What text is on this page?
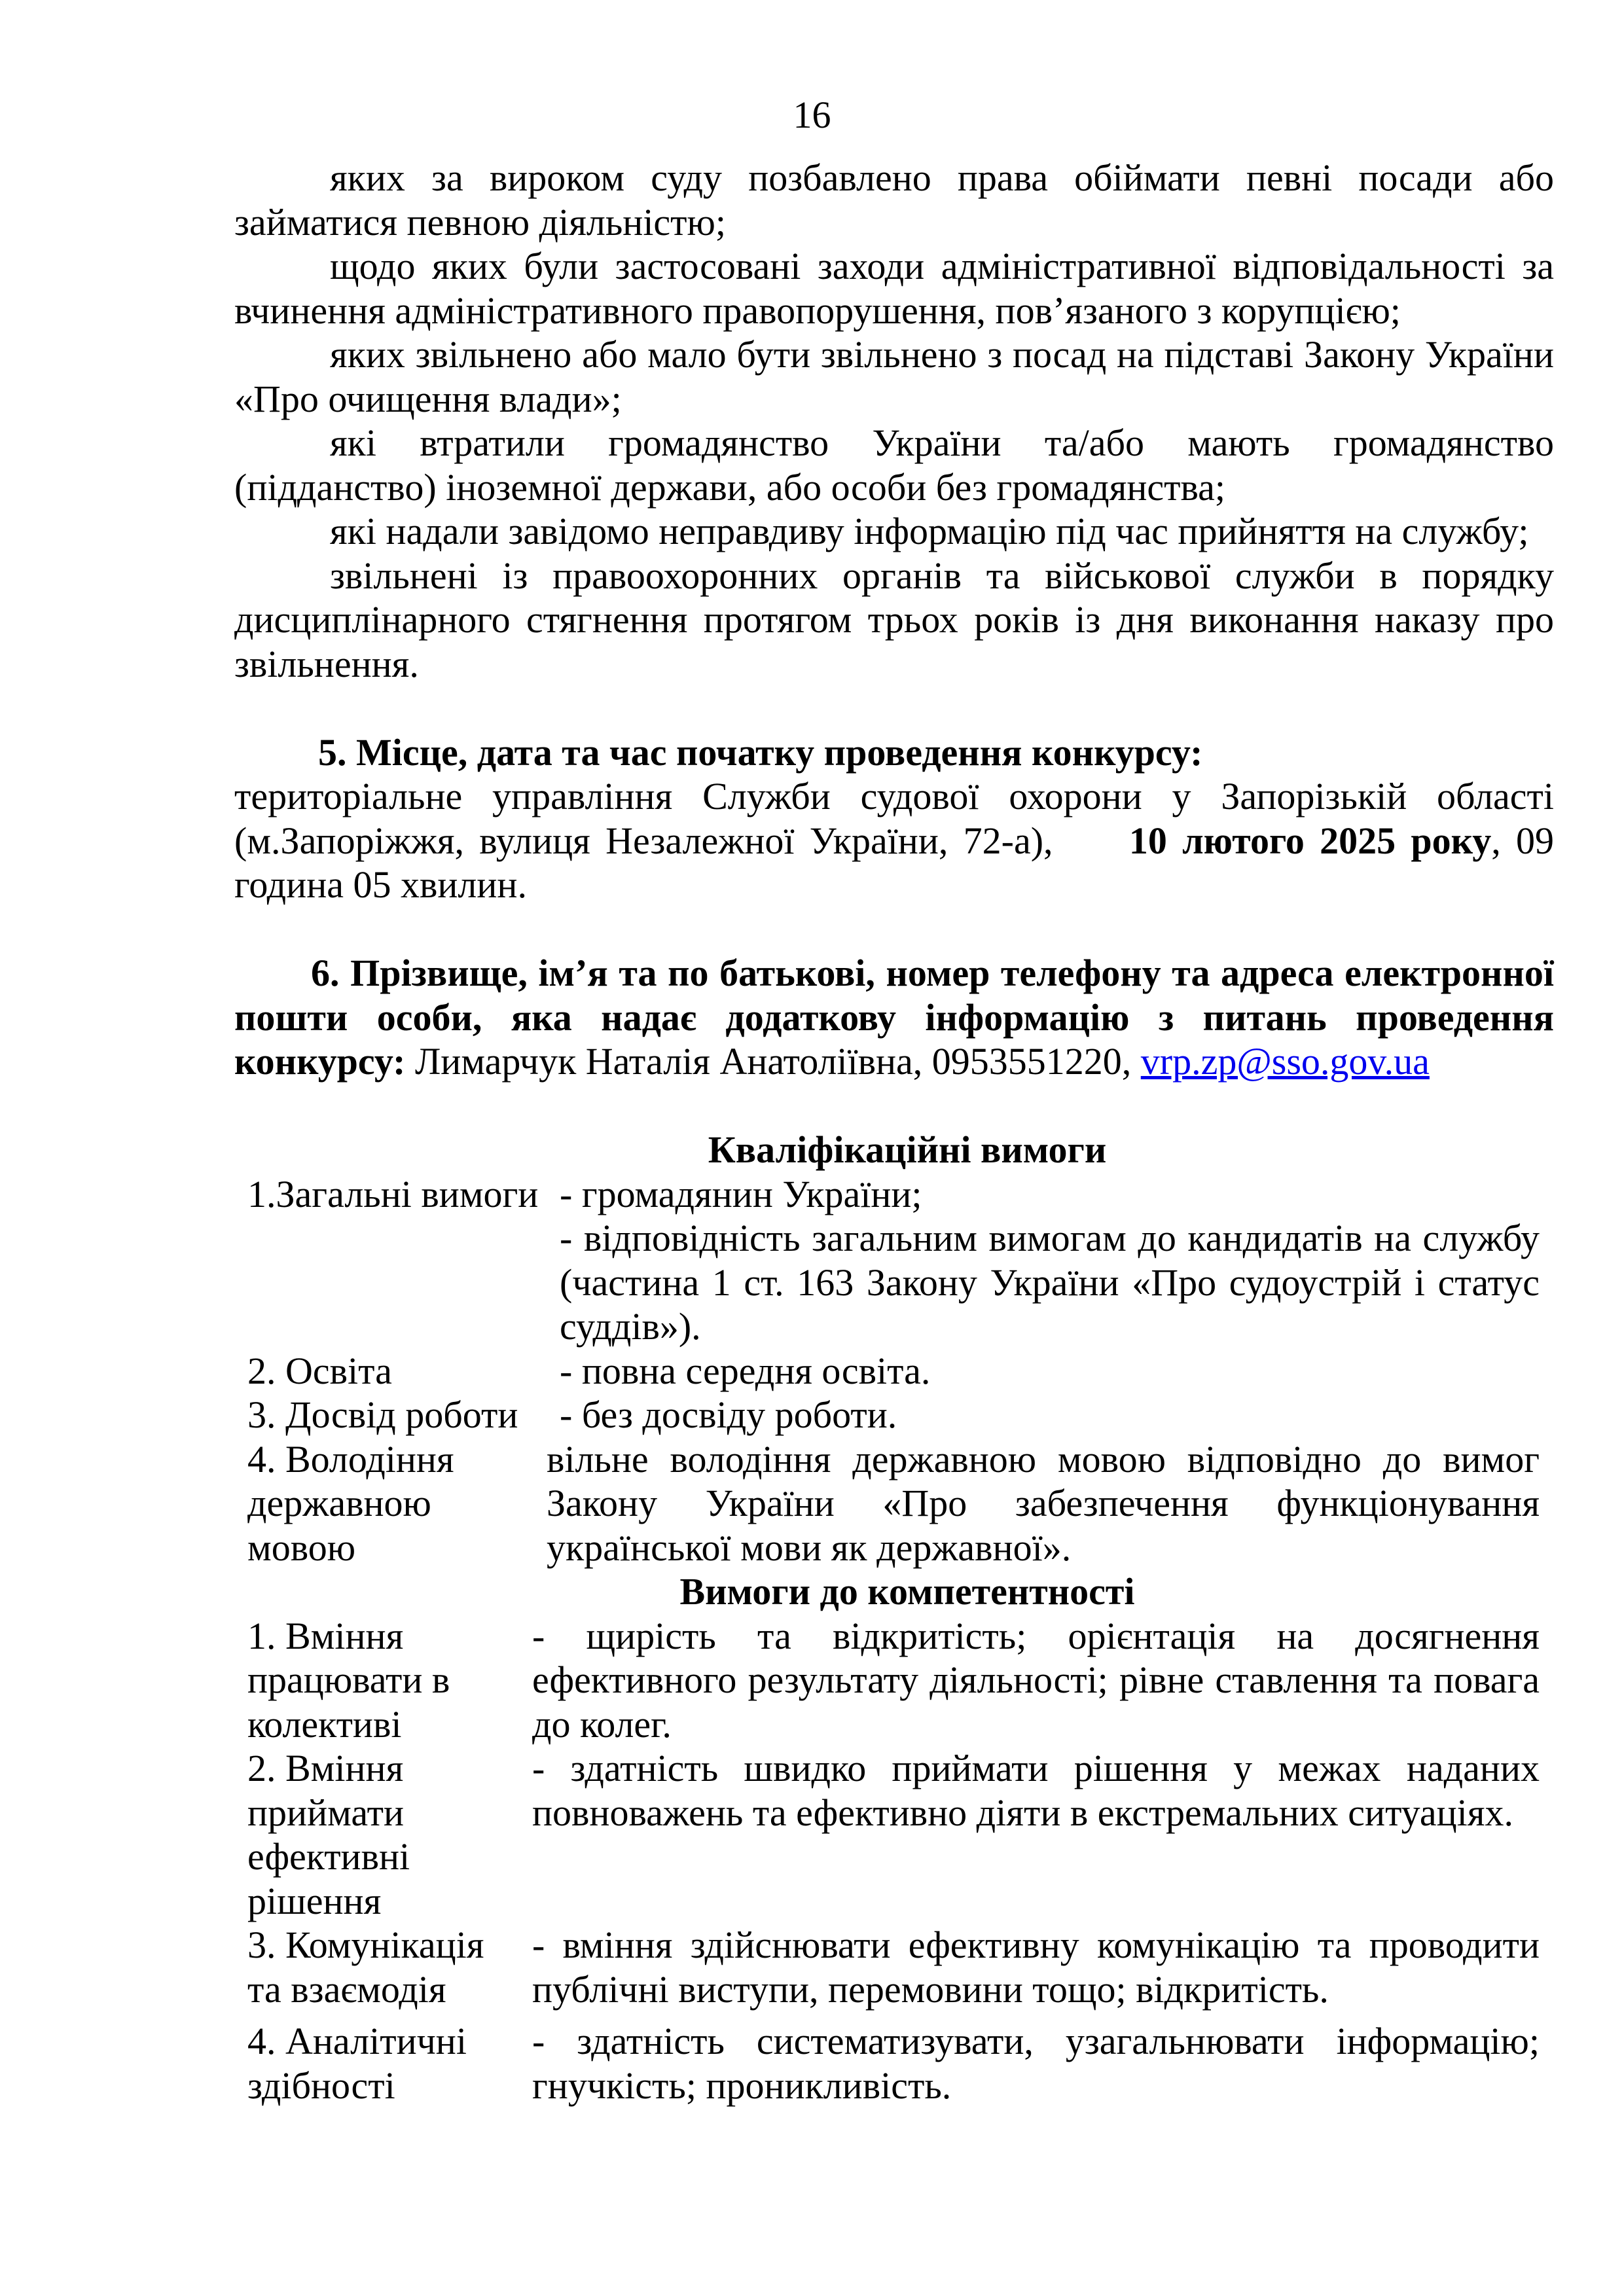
16

яких за вироком суду позбавлено права обіймати певні посади або займатися певною діяльністю;

щодо яких були застосовані заходи адміністративної відповідальності за вчинення адміністративного правопорушення, пов’язаного з корупцією;

яких звільнено або мало бути звільнено з посад на підставі Закону України «Про очищення влади»;

які втратили громадянство України та/або мають громадянство (підданство) іноземної держави, або особи без громадянства;

які надали завідомо неправдиву інформацію під час прийняття на службу;

звільнені із правоохоронних органів та військової служби в порядку дисциплінарного стягнення протягом трьох років із дня виконання наказу про звільнення.

5. Місце, дата та час початку проведення конкурсу:

територіальне управління Служби судової охорони у Запорізькій області (м.Запоріжжя, вулиця Незалежної України, 72-а), 10 лютого 2025 року, 09 година 05 хвилин.

6. Прізвище, ім’я та по батькові, номер телефону та адреса електронної пошти особи, яка надає додаткову інформацію з питань проведення конкурсу: Лимарчук Наталія Анатоліївна, 0953551220, vrp.zp@sso.gov.ua

Кваліфікаційні вимоги
1.Загальні вимоги - громадянин України;
- відповідність загальним вимогам до кандидатів на службу (частина 1 ст. 163 Закону України «Про судоустрій і статус суддів»).
2. Освіта	- повна середня освіта.
3. Досвід роботи	- без досвіду роботи.
4. Володіння державною мовою
вільне володіння державною мовою відповідно до вимог Закону України «Про забезпечення функціонування української мови як державної».
Вимоги до компетентності
1. Вміння працювати в колективі
- щирість та відкритість; орієнтація на досягнення ефективного результату діяльності; рівне ставлення та повага до колег.
2. Вміння приймати ефективні рішення
- здатність швидко приймати рішення у межах наданих повноважень та ефективно діяти в екстремальних ситуаціях.
3. Комунікація та взаємодія
- вміння здійснювати ефективну комунікацію та проводити публічні виступи, перемовини тощо; відкритість.
4. Аналітичні здібності
- здатність систематизувати, узагальнювати інформацію; гнучкість; проникливість.
